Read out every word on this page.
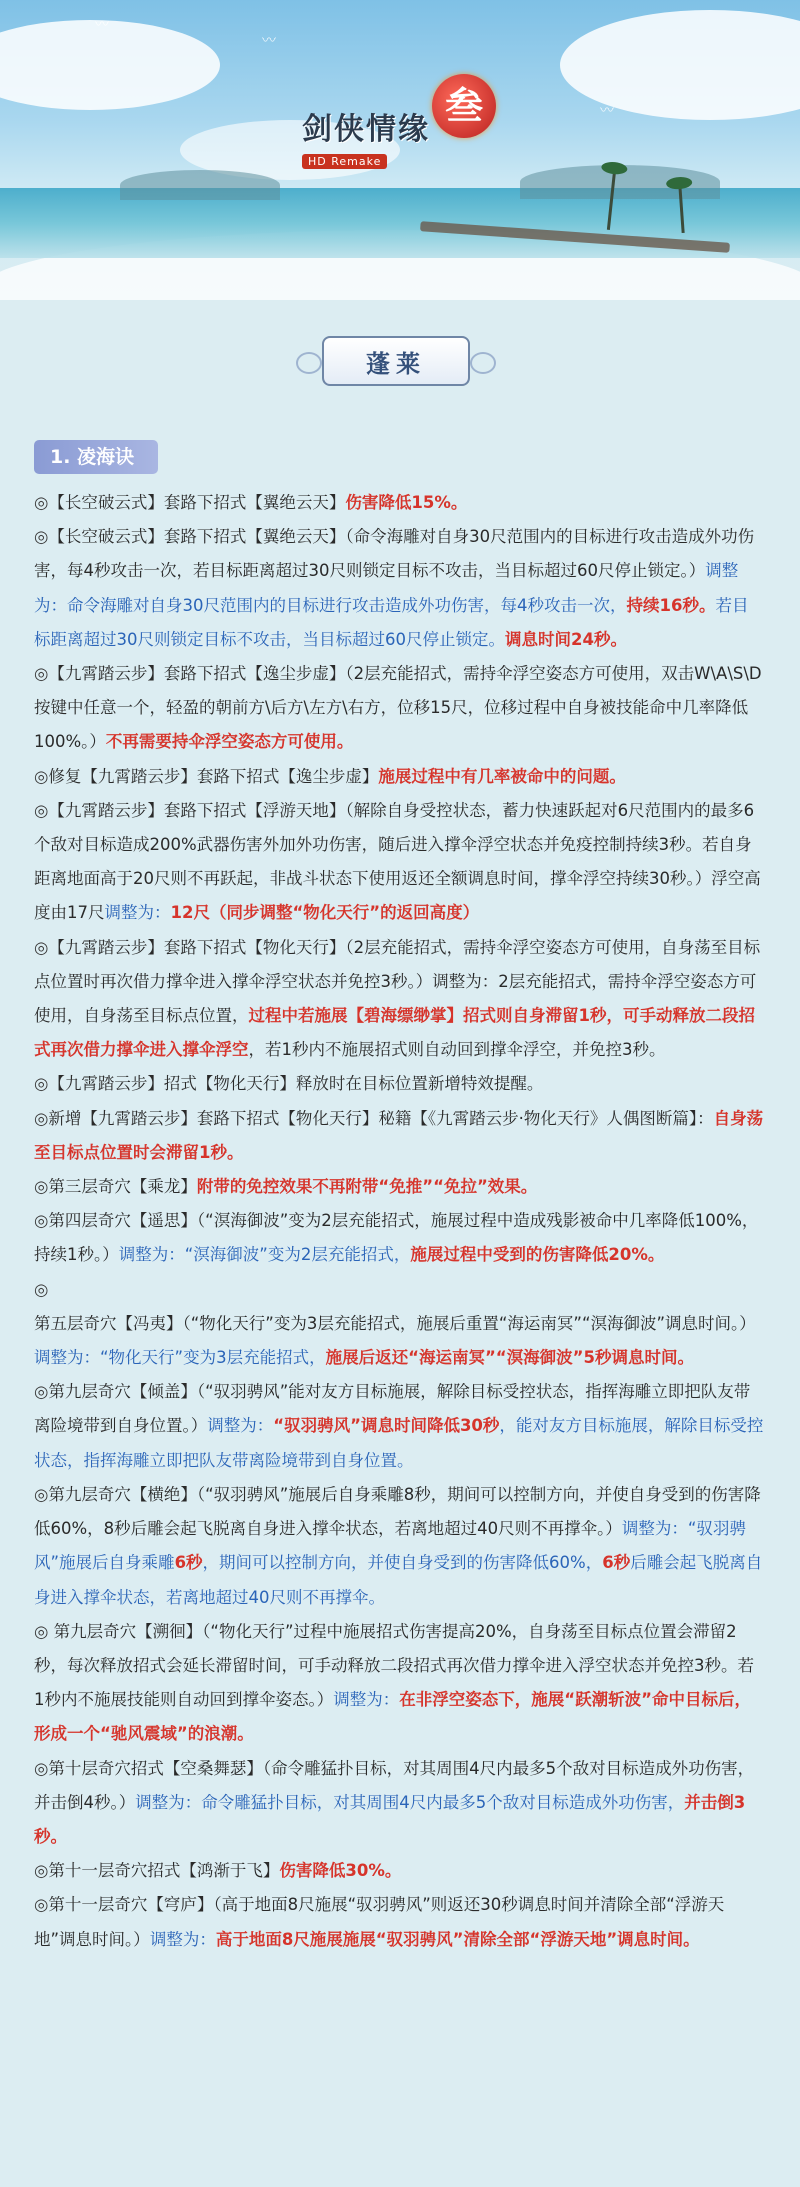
〰
〰
〰
剑侠情缘
叁
HD Remake
蓬莱
1. 凌海诀

◎【长空破云式】套路下招式【翼绝云天】伤害降低15%。

◎【长空破云式】套路下招式【翼绝云天】（命令海雕对自身30尺范围内的目标进行攻击造成外功伤害，每4秒攻击一次，若目标距离超过30尺则锁定目标不攻击，当目标超过60尺停止锁定。）调整为：命令海雕对自身30尺范围内的目标进行攻击造成外功伤害，每4秒攻击一次，持续16秒。若目标距离超过30尺则锁定目标不攻击，当目标超过60尺停止锁定。调息时间24秒。

◎【九霄踏云步】套路下招式【逸尘步虚】（2层充能招式，需持伞浮空姿态方可使用，双击W\A\S\D按键中任意一个，轻盈的朝前方\后方\左方\右方，位移15尺，位移过程中自身被技能命中几率降低100%。）不再需要持伞浮空姿态方可使用。

◎修复【九霄踏云步】套路下招式【逸尘步虚】施展过程中有几率被命中的问题。

◎【九霄踏云步】套路下招式【浮游天地】（解除自身受控状态，蓄力快速跃起对6尺范围内的最多6个敌对目标造成200%武器伤害外加外功伤害，随后进入撑伞浮空状态并免疫控制持续3秒。若自身距离地面高于20尺则不再跃起，非战斗状态下使用返还全额调息时间，撑伞浮空持续30秒。）浮空高度由17尺调整为：12尺（同步调整“物化天行”的返回高度）

◎【九霄踏云步】套路下招式【物化天行】（2层充能招式，需持伞浮空姿态方可使用，自身荡至目标点位置时再次借力撑伞进入撑伞浮空状态并免控3秒。）调整为：2层充能招式，需持伞浮空姿态方可使用，自身荡至目标点位置，过程中若施展【碧海缥缈掌】招式则自身滞留1秒，可手动释放二段招式再次借力撑伞进入撑伞浮空，若1秒内不施展招式则自动回到撑伞浮空，并免控3秒。

◎【九霄踏云步】招式【物化天行】释放时在目标位置新增特效提醒。

◎新增【九霄踏云步】套路下招式【物化天行】秘籍【《九霄踏云步·物化天行》人偶图断篇】：自身荡至目标点位置时会滞留1秒。

◎第三层奇穴【乘龙】附带的免控效果不再附带“免推”“免拉”效果。

◎第四层奇穴【遥思】（“溟海御波”变为2层充能招式，施展过程中造成残影被命中几率降低100%，持续1秒。）调整为：“溟海御波”变为2层充能招式，施展过程中受到的伤害降低20%。

◎第五层奇穴【冯夷】（“物化天行”变为3层充能招式，施展后重置“海运南冥”“溟海御波”调息时间。）调整为：“物化天行”变为3层充能招式，施展后返还“海运南冥”“溟海御波”5秒调息时间。

◎第九层奇穴【倾盖】（“驭羽骋风”能对友方目标施展，解除目标受控状态，指挥海雕立即把队友带离险境带到自身位置。）调整为：“驭羽骋风”调息时间降低30秒，能对友方目标施展，解除目标受控状态，指挥海雕立即把队友带离险境带到自身位置。

◎第九层奇穴【横绝】（“驭羽骋风”施展后自身乘雕8秒，期间可以控制方向，并使自身受到的伤害降低60%，8秒后雕会起飞脱离自身进入撑伞状态，若离地超过40尺则不再撑伞。）调整为：“驭羽骋风”施展后自身乘雕6秒，期间可以控制方向，并使自身受到的伤害降低60%，6秒后雕会起飞脱离自身进入撑伞状态，若离地超过40尺则不再撑伞。

◎ 第九层奇穴【溯徊】（“物化天行”过程中施展招式伤害提高20%，自身荡至目标点位置会滞留2秒，每次释放招式会延长滞留时间，可手动释放二段招式再次借力撑伞进入浮空状态并免控3秒。若1秒内不施展技能则自动回到撑伞姿态。）调整为：在非浮空姿态下，施展“跃潮斩波”命中目标后，形成一个“驰风震域”的浪潮。

◎第十层奇穴招式【空桑舞瑟】（命令雕猛扑目标，对其周围4尺内最多5个敌对目标造成外功伤害，并击倒4秒。）调整为：命令雕猛扑目标，对其周围4尺内最多5个敌对目标造成外功伤害，并击倒3秒。

◎第十一层奇穴招式【鸿渐于飞】伤害降低30%。

◎第十一层奇穴【穹庐】（高于地面8尺施展“驭羽骋风”则返还30秒调息时间并清除全部“浮游天地”调息时间。）调整为：高于地面8尺施展施展“驭羽骋风”清除全部“浮游天地”调息时间。
